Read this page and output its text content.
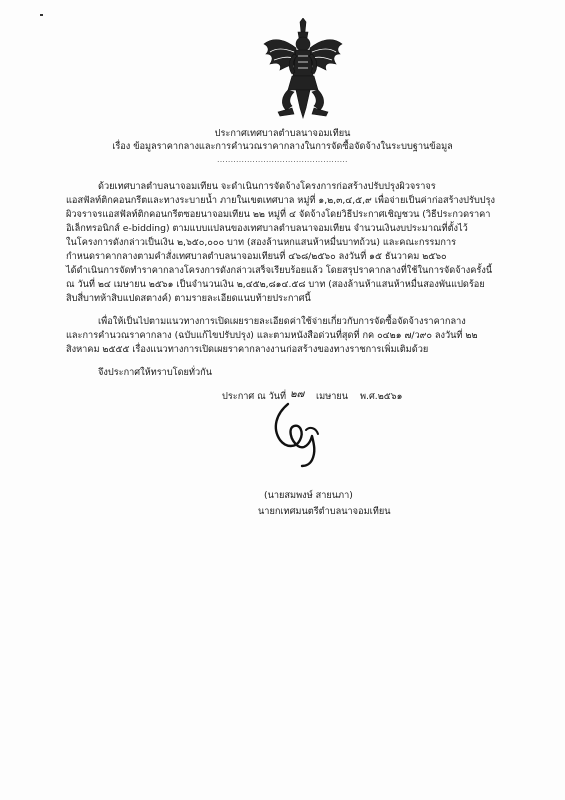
ประกาศเทศบาลตำบลนาจอมเทียน
เรื่อง ข้อมูลราคากลางและการคำนวณราคากลางในการจัดซื้อจัดจ้างในระบบฐานข้อมูล
................................................
ด้วยเทศบาลตำบลนาจอมเทียน จะดำเนินการจัดจ้างโครงการก่อสร้างปรับปรุงผิวจราจร
แอสฟัลท์ติกคอนกรีตและทางระบายน้ำ ภายในเขตเทศบาล หมู่ที่ ๑,๒,๓,๔,๕,๙ เพื่อจ่ายเป็นค่าก่อสร้างปรับปรุง
ผิวจราจรแอสฟัลท์ติกคอนกรีตซอยนาจอมเทียน ๒๒ หมู่ที่ ๔ จัดจ้างโดยวิธีประกาศเชิญชวน (วิธีประกวดราคา
อิเล็กทรอนิกส์ e-bidding) ตามแบบแปลนของเทศบาลตำบลนาจอมเทียน จำนวนเงินงบประมาณที่ตั้งไว้
ในโครงการดังกล่าวเป็นเงิน ๒,๖๕๐,๐๐๐ บาท (สองล้านหกแสนห้าหมื่นบาทถ้วน) และคณะกรรมการ
กำหนดราคากลางตามคำสั่งเทศบาลตำบลนาจอมเทียนที่ ๔๖๘/๒๕๖๐ ลงวันที่ ๑๕ ธันวาคม ๒๕๖๐
ได้ดำเนินการจัดทำราคากลางโครงการดังกล่าวเสร็จเรียบร้อยแล้ว โดยสรุปราคากลางที่ใช้ในการจัดจ้างครั้งนี้
ณ วันที่ ๒๔ เมษายน ๒๕๖๑ เป็นจำนวนเงิน ๒,๔๕๒,๘๑๔.๕๘ บาท (สองล้านห้าแสนห้าหมื่นสองพันแปดร้อย
สิบสี่บาทห้าสิบแปดสตางค์) ตามรายละเอียดแนบท้ายประกาศนี้
เพื่อให้เป็นไปตามแนวทางการเปิดเผยรายละเอียดค่าใช้จ่ายเกี่ยวกับการจัดซื้อจัดจ้างราคากลาง
และการคำนวณราคากลาง (ฉบับแก้ไขปรับปรุง) และตามหนังสือด่วนที่สุดที่ กค ๐๔๒๑ ๗/ว๙๐ ลงวันที่ ๒๒
สิงหาคม ๒๕๕๕ เรื่องแนวทางการเปิดเผยราคากลางงานก่อสร้างของทางราชการเพิ่มเติมด้วย
จึงประกาศให้ทราบโดยทั่วกัน
ประกาศ ณ วันที่ ๒๗ เมษายน พ.ศ.๒๕๖๑
(นายสมพงษ์ สายนภา)
นายกเทศมนตรีตำบลนาจอมเทียน
